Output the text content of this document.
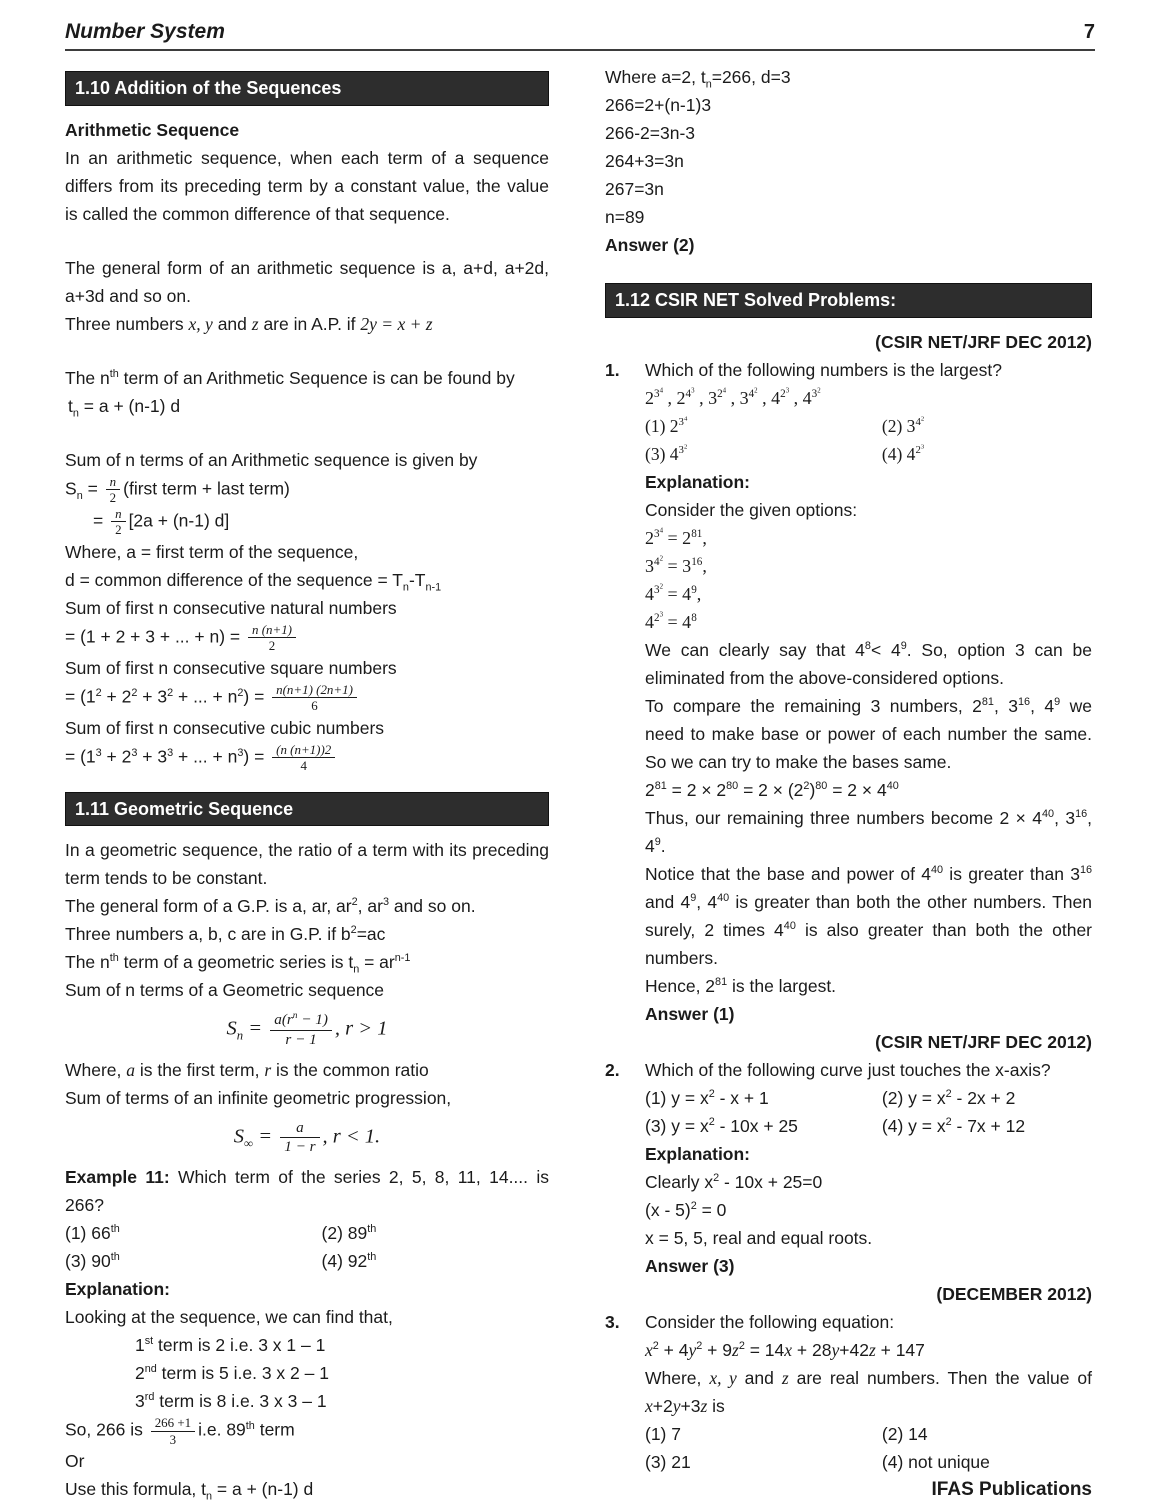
Number System	7
1.10 Addition of the Sequences
Arithmetic Sequence
In an arithmetic sequence, when each term of a sequence differs from its preceding term by a constant value, the value is called the common difference of that sequence.
The general form of an arithmetic sequence is a, a+d, a+2d, a+3d and so on.
Three numbers x, y and z are in A.P. if 2y = x + z
The $n^{th}$ term of an Arithmetic Sequence is can be found by
$t_n = a + (n-1)$ d
Sum of n terms of an Arithmetic sequence is given by
$S_n = \frac{n}{2}$ (first term + last term)
= $\frac{n}{2} [2a + (n-1)$ d]
Where, a = first term of the sequence,
d = common difference of the sequence = $T_n-T_{n-1}$
Sum of first n consecutive natural numbers
= (1 + 2 + 3 + ... + $n) = \frac{n (n+1)}{2}$
Sum of first n consecutive square numbers
= ($1^2 + 2^2 + 3^2$ + ... + $n^2) = \frac{n(n+1) (2n+1)}{6}$
Sum of first n consecutive cubic numbers
= ($1^3 + 2^3 + 3^3$ + ... + $n^3) = \frac{(n (n+1))2}{4}$
1.11 Geometric Sequence
In a geometric sequence, the ratio of a term with its preceding term tends to be constant.
The general form of a G.P. is a, ar, $ar^2$, $ar^3$ and so on.
Three numbers a, b, c are in G.P. if $b^2=ac$
The $n^{th}$ term of a geometric series is $t_n = ar^{n-1}$
Sum of n terms of a Geometric sequence
$S_n = \frac{a(r^n - 1)}{r - 1}$ , r > 1
Where, a is the first term, r is the common ratio
Sum of terms of an infinite geometric progression,
$S_\infty = \frac{a}{1 - r}$ , r < 1.
Example 11: Which term of the series 2, 5, 8, 11, 14.... is 266?
(1) 66th	(2) 89th
(3) 90th	(4) 92th
Explanation:
Looking at the sequence, we can find that,
1st term is 2 i.e. 3 x 1 – 1
2nd term is 5 i.e. 3 x 2 – 1
3rd term is 8 i.e. 3 x 3 – 1
So, 266 is $\frac{266 +1}{3} i.e$. 89th term
Or
Use this formula, $t_n = a + (n-1)$ d
Where a=2, $t_n=266$, d=3
266=2+(n-1)3
266-2=3n-3
264+3=3n
267=3n
n=89
Answer (2)
1.12 CSIR NET Solved Problems:
(CSIR NET/JRF DEC 2012)
1.	Which of the following numbers is the largest?
$2^{3^4}$ , $2^{4^3}$ , $3^{2^4}$ , $3^{4^2}$ , $4^{2^3}$ , $4^{3^2}$
(1) $2^{3^4}$	(2) $3^{4^2}$
(3) $4^{3^2}$	(4) $4^{2^3}$
Explanation:
Consider the given options:
$2^{3^4} = 2^{81}$,
$3^{4^2} = 3^{16}$,
$4^{3^2} = 4^9$,
$4^{2^3} = 4^8$
We can clearly say that $4^8< 4^9$. So, option 3 can be eliminated from the above-considered options.
To compare the remaining 3 numbers, $2^{81}$, $3^{16}$, $4^9$ we need to make base or power of each number the same. So we can try to make the bases same.
$2^{81} = 2 \times 2^{80} = 2 \times (2^2)^{80} = 2 \times 4^{40}$
Thus, our remaining three numbers become $2 \times 4^{40}$, $3^{16}$, $4^9$.
Notice that the base and power of $4^{40}$ is greater than $3^{16}$ and $4^9$, $4^{40}$ is greater than both the other numbers. Then surely, 2 times $4^{40}$ is also greater than both the other numbers.
Hence, $2^{81}$ is the largest.
Answer (1)
(CSIR NET/JRF DEC 2012)
2.	Which of the following curve just touches the x-axis?
(1) $y = x^2 - x + 1$	(2) $y = x^2 - 2x + 2$
(3) $y = x^2 - 10x + 25$	(4) $y = x^2 - 7x + 12$
Explanation:
Clearly $x^2 - 10x + 25=0$
(x - 5)$^2$ = 0
x = 5, 5, real and equal roots.
Answer (3)
(DECEMBER 2012)
3.	Consider the following equation:
$x^2 + 4y^2 + 9z^2 = 14x + 28y+42z + 147$
Where, x, y and z are real numbers. Then the value of x+2y+3z is
(1) 7	(2) 14
(3) 21	(4) not unique
IFAS Publications
